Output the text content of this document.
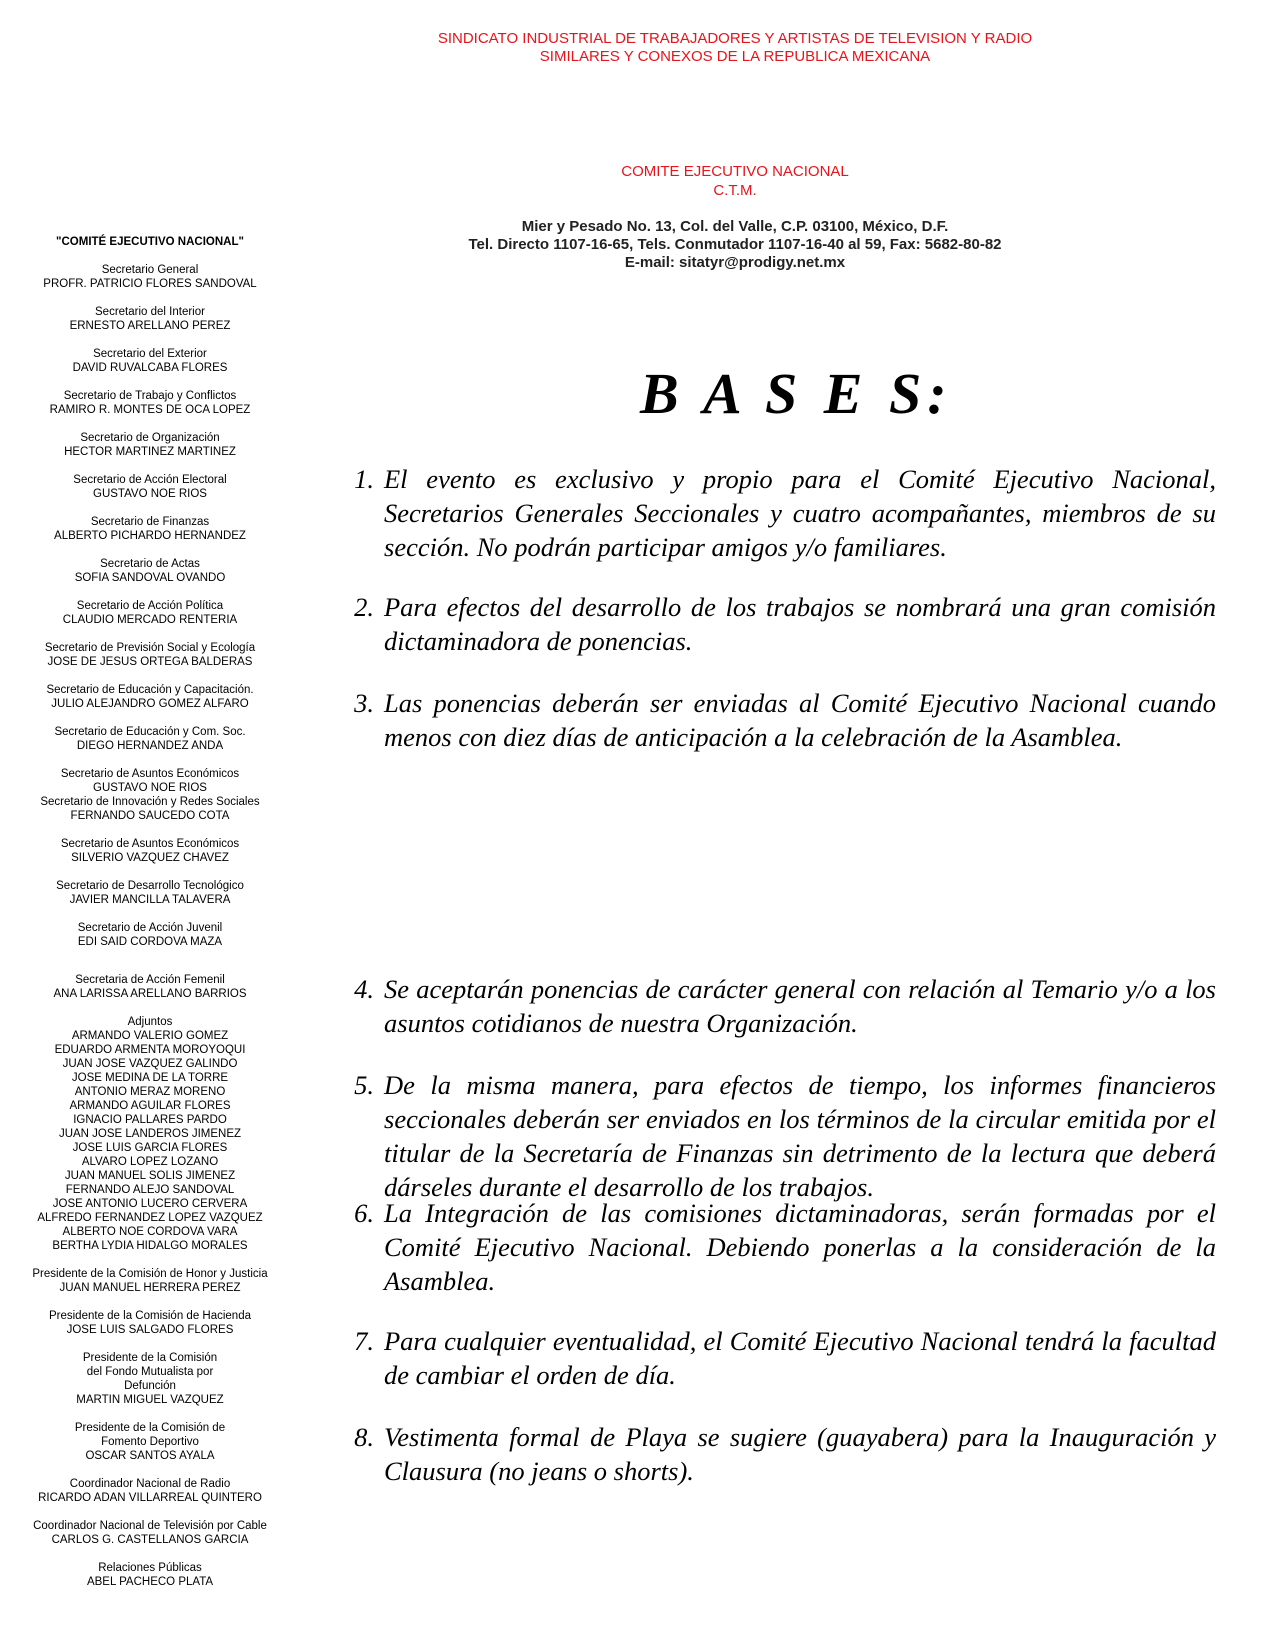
SINDICATO INDUSTRIAL DE TRABAJADORES Y ARTISTAS DE TELEVISION Y RADIO
SIMILARES Y CONEXOS DE LA REPUBLICA MEXICANA
COMITE EJECUTIVO NACIONAL
C.T.M.
Mier y Pesado No. 13, Col. del Valle, C.P. 03100, México, D.F.
Tel. Directo 1107-16-65, Tels. Conmutador 1107-16-40 al 59, Fax: 5682-80-82
E-mail: sitatyr@prodigy.net.mx
"COMITÉ EJECUTIVO NACIONAL"
Secretario General
PROFR. PATRICIO FLORES SANDOVAL
Secretario del Interior
ERNESTO ARELLANO PEREZ
Secretario del Exterior
DAVID RUVALCABA FLORES
Secretario de Trabajo y Conflictos
RAMIRO R. MONTES DE OCA LOPEZ
Secretario de Organización
HECTOR MARTINEZ MARTINEZ
Secretario de Acción Electoral
GUSTAVO NOE RIOS
Secretario de Finanzas
ALBERTO PICHARDO HERNANDEZ
Secretario de Actas
SOFIA SANDOVAL OVANDO
Secretario de Acción Política
CLAUDIO MERCADO RENTERIA
Secretario de Previsión Social y Ecología
JOSE DE JESUS ORTEGA BALDERAS
Secretario de Educación y Capacitación.
JULIO ALEJANDRO GOMEZ ALFARO
Secretario de Educación y Com. Soc.
DIEGO HERNANDEZ ANDA
Secretario de Asuntos Económicos
GUSTAVO NOE RIOS
Secretario de Innovación y Redes Sociales
FERNANDO SAUCEDO COTA
Secretario de Asuntos Económicos
SILVERIO VAZQUEZ CHAVEZ
Secretario de Desarrollo Tecnológico
JAVIER MANCILLA TALAVERA
Secretario de Acción Juvenil
EDI SAID CORDOVA MAZA
Secretaria de Acción Femenil
ANA LARISSA ARELLANO BARRIOS
Adjuntos
ARMANDO VALERIO GOMEZ
EDUARDO ARMENTA MOROYOQUI
JUAN JOSE VAZQUEZ GALINDO
JOSE MEDINA DE LA TORRE
ANTONIO MERAZ MORENO
ARMANDO AGUILAR FLORES
IGNACIO PALLARES PARDO
JUAN JOSE LANDEROS JIMENEZ
JOSE LUIS GARCIA FLORES
ALVARO LOPEZ LOZANO
JUAN MANUEL SOLIS JIMENEZ
FERNANDO ALEJO SANDOVAL
JOSE ANTONIO LUCERO CERVERA
ALFREDO FERNANDEZ LOPEZ VAZQUEZ
ALBERTO NOE CORDOVA VARA
BERTHA LYDIA HIDALGO MORALES
Presidente de la Comisión de Honor y Justicia
JUAN MANUEL HERRERA PEREZ
Presidente de la Comisión de Hacienda
JOSE LUIS SALGADO FLORES
Presidente de la Comisión del Fondo Mutualista por Defunción
MARTIN MIGUEL VAZQUEZ
Presidente de la Comisión de Fomento Deportivo
OSCAR SANTOS AYALA
Coordinador Nacional de Radio
RICARDO ADAN VILLARREAL QUINTERO
Coordinador Nacional de Televisión por Cable
CARLOS G. CASTELLANOS GARCIA
Relaciones Públicas
ABEL PACHECO PLATA
B A S E S:
1. El evento es exclusivo y propio para el Comité Ejecutivo Nacional, Secretarios Generales Seccionales y cuatro acompañantes, miembros de su sección. No podrán participar amigos y/o familiares.
2. Para efectos del desarrollo de los trabajos se nombrará una gran comisión dictaminadora de ponencias.
3. Las ponencias deberán ser enviadas al Comité Ejecutivo Nacional cuando menos con diez días de anticipación a la celebración de la Asamblea.
4. Se aceptarán ponencias de carácter general con relación al Temario y/o a los asuntos cotidianos de nuestra Organización.
5. De la misma manera, para efectos de tiempo, los informes financieros seccionales deberán ser enviados en los términos de la circular emitida por el titular de la Secretaría de Finanzas sin detrimento de la lectura que deberá dárseles durante el desarrollo de los trabajos.
6. La Integración de las comisiones dictaminadoras, serán formadas por el Comité Ejecutivo Nacional. Debiendo ponerlas a la consideración de la Asamblea.
7. Para cualquier eventualidad, el Comité Ejecutivo Nacional tendrá la facultad de cambiar el orden de día.
8. Vestimenta formal de Playa se sugiere (guayabera) para la Inauguración y Clausura (no jeans o shorts).
